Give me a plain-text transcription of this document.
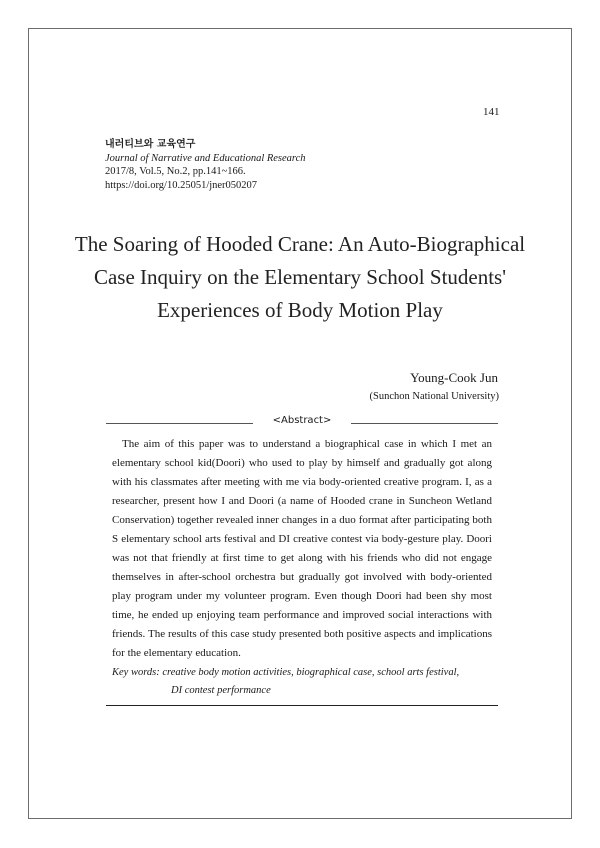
141
내러티브와 교육연구
Journal of Narrative and Educational Research
2017/8, Vol.5, No.2, pp.141~166.
https://doi.org/10.25051/jner050207
The Soaring of Hooded Crane: An Auto-Biographical
Case Inquiry on the Elementary School Students'
Experiences of Body Motion Play
Young-Cook Jun
(Sunchon National University)
<Abstract>

The aim of this paper was to understand a biographical case in which I met an elementary school kid(Doori) who used to play by himself and gradually got along with his classmates after meeting with me via body-oriented creative program. I, as a researcher, present how I and Doori (a name of Hooded crane in Suncheon Wetland Conservation) together revealed inner changes in a duo format after participating both S elementary school arts festival and DI creative contest via body-gesture play. Doori was not that friendly at first time to get along with his friends who did not engage themselves in after-school orchestra but gradually got involved with body-oriented play program under my volunteer program. Even though Doori had been shy most time, he ended up enjoying team performance and improved social interactions with friends. The results of this case study presented both positive aspects and implications for the elementary education.

Key words: creative body motion activities, biographical case, school arts festival,
DI contest performance
